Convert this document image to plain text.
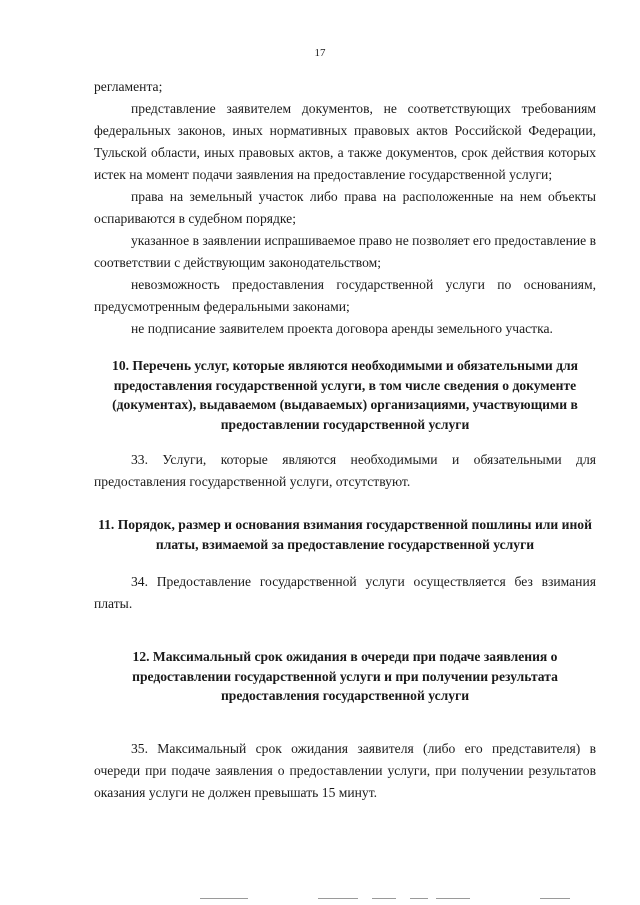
17

регламента;

представление заявителем документов, не соответствующих требованиям федеральных законов, иных нормативных правовых актов Российской Федерации, Тульской области, иных правовых актов, а также документов, срок действия которых истек на момент подачи заявления на предоставление государственной услуги;

права на земельный участок либо права на расположенные на нем объекты оспариваются в судебном порядке;

указанное в заявлении испрашиваемое право не позволяет его предоставление в соответствии с действующим законодательством;

невозможность предоставления государственной услуги по основаниям, предусмотренным федеральными законами;

не подписание заявителем проекта договора аренды земельного участка.

10. Перечень услуг, которые являются необходимыми и обязательными для предоставления государственной услуги, в том числе сведения о документе (документах), выдаваемом (выдаваемых) организациями, участвующими в предоставлении государственной услуги

33. Услуги, которые являются необходимыми и обязательными для предоставления государственной услуги, отсутствуют.

11. Порядок, размер и основания взимания государственной пошлины или иной платы, взимаемой за предоставление государственной услуги

34. Предоставление государственной услуги осуществляется без взимания платы.

12. Максимальный срок ожидания в очереди при подаче заявления о предоставлении государственной услуги и при получении результата предоставления государственной услуги

35. Максимальный срок ожидания заявителя (либо его представителя) в очереди при подаче заявления о предоставлении услуги, при получении результатов оказания услуги не должен превышать 15 минут.
